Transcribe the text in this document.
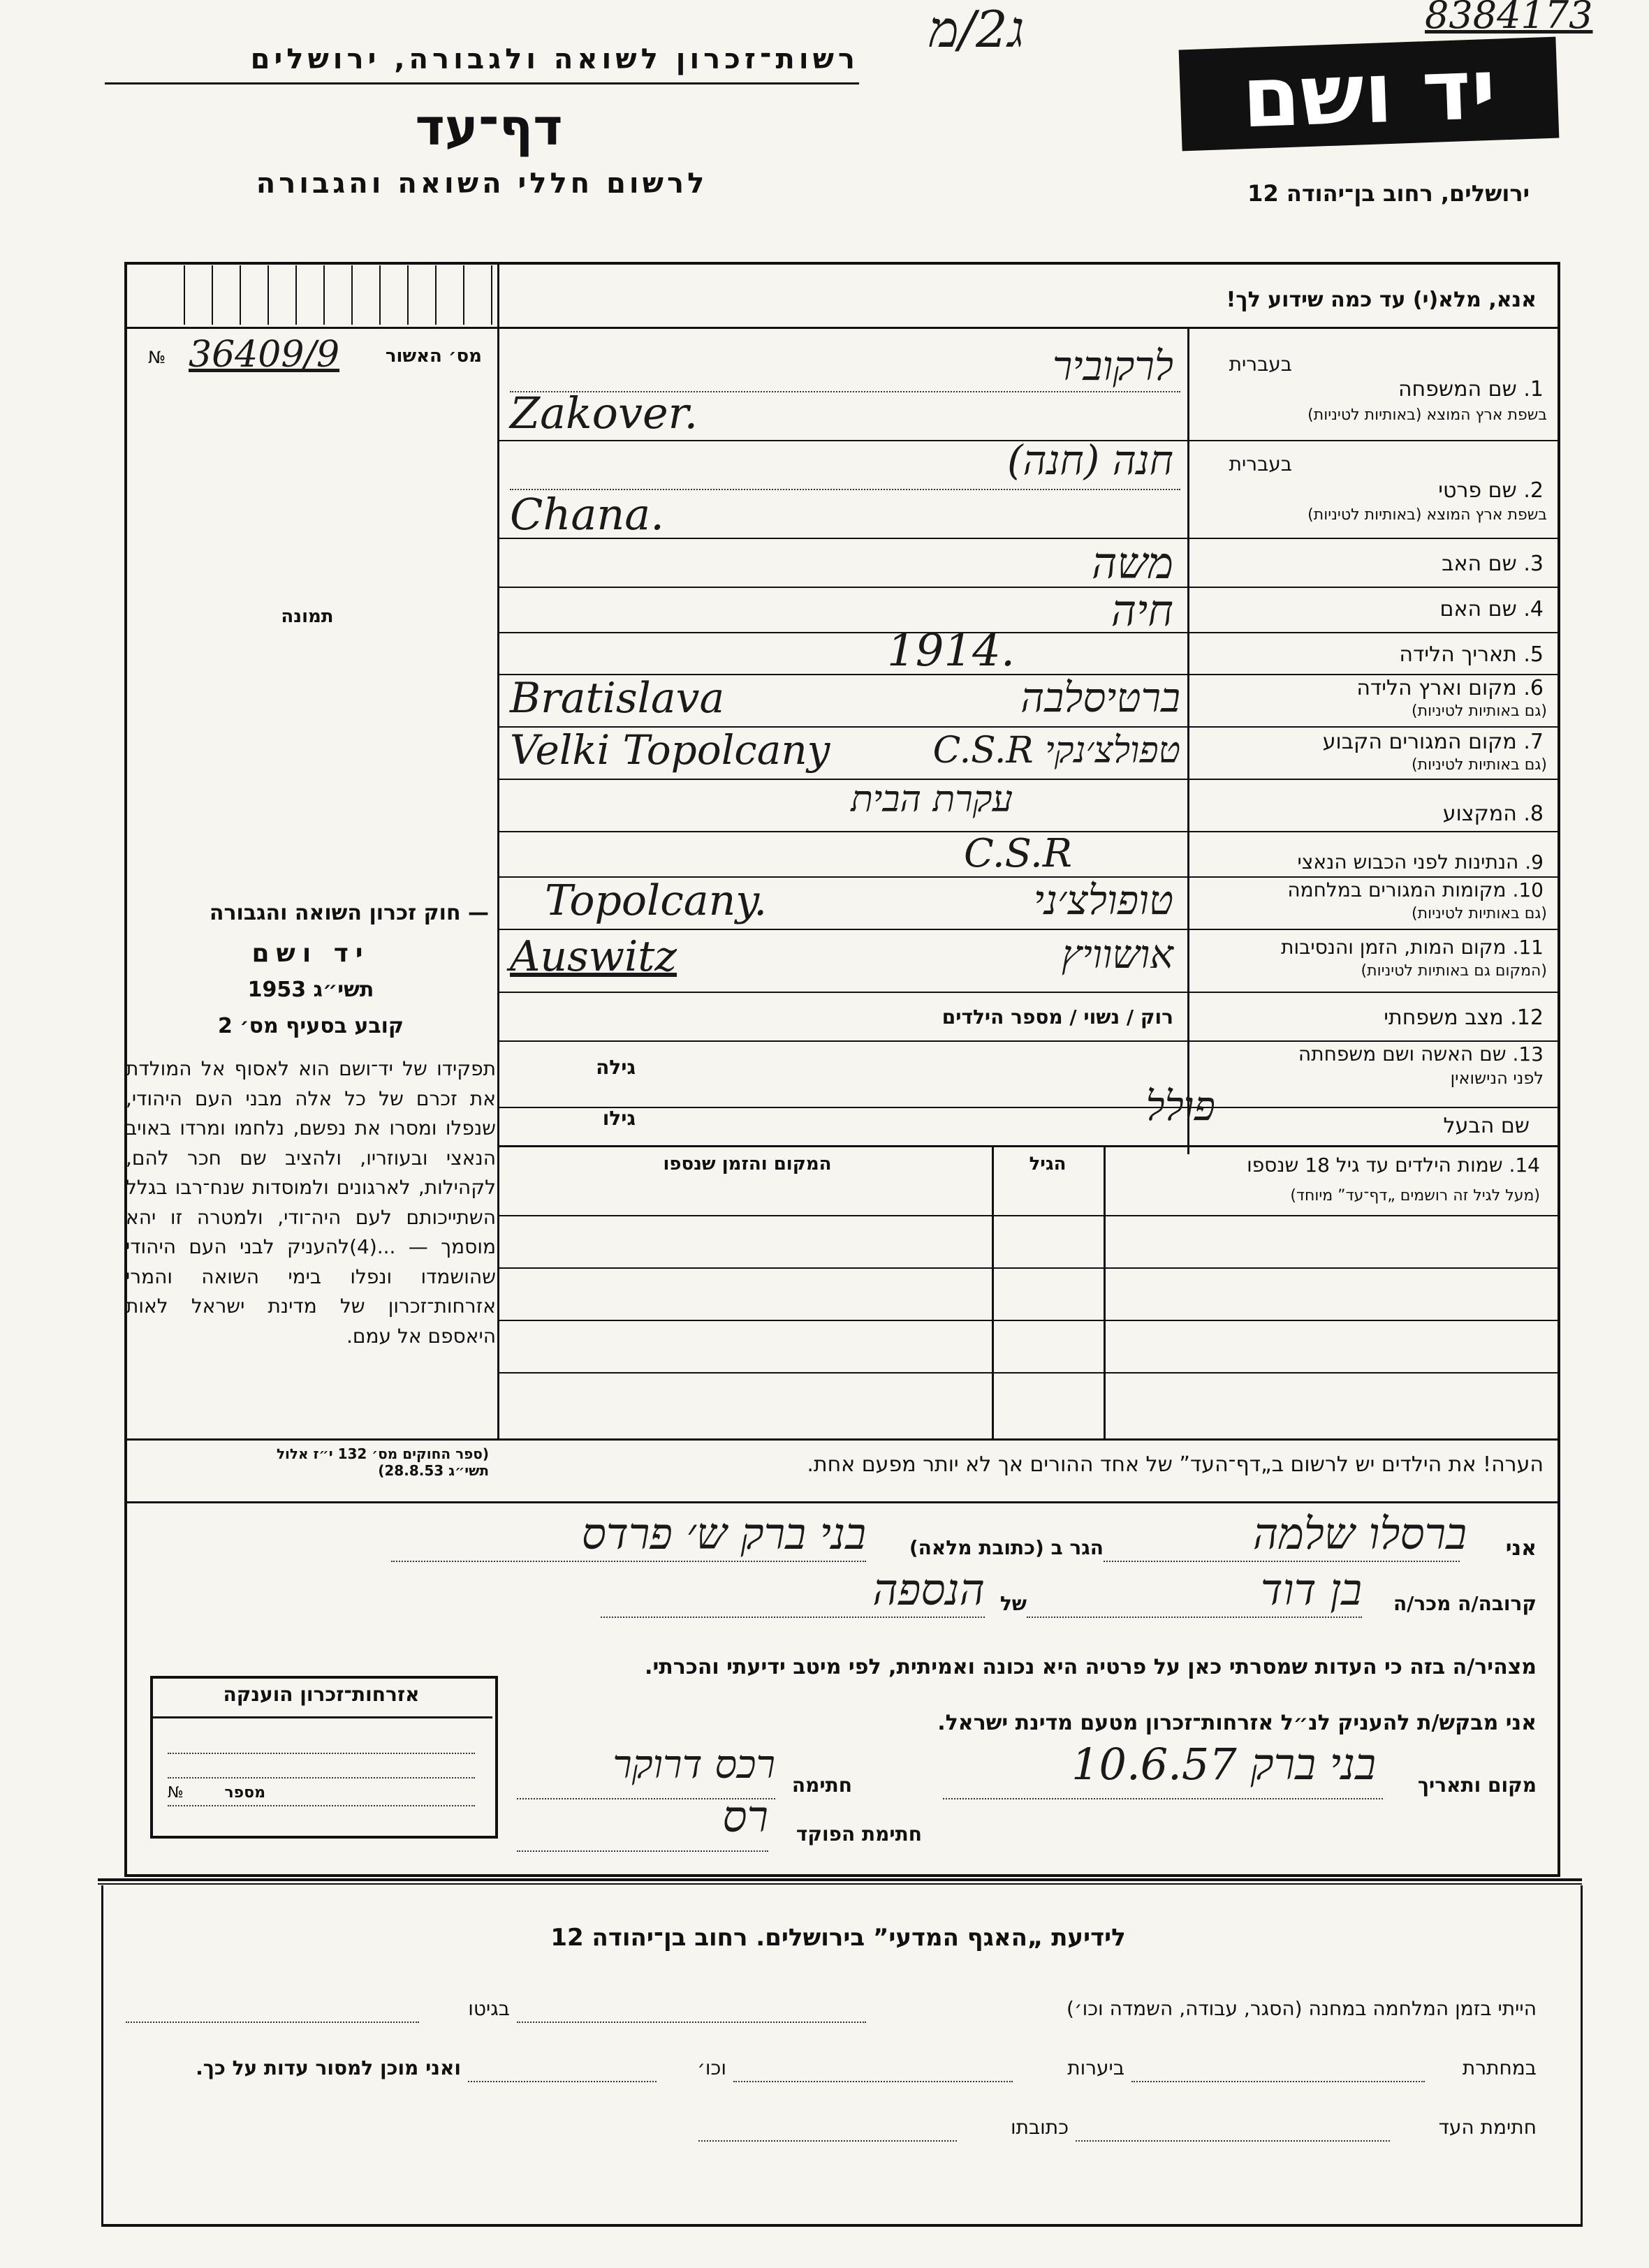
רשות־זכרון לשואה ולגבורה, ירושלים
דף־עד
לרשום חללי השואה והגבורה
ג2/מ	8384173
יד ושם
ירושלים, רחוב בן־יהודה 12
אנא, מלא(י) עד כמה שידוע לך!
מס׳ האשור
36409/9
№
תמונה
— חוק זכרון השואה והגבורה
יד ושם
תשי״ג 1953
קובע בסעיף מס׳ 2
תפקידו של יד־ושם הוא לאסוף אל המולדת את זכרם של כל אלה מבני העם היהודי, שנפלו ומסרו את נפשם, נלחמו ומרדו באויב הנאצי ובעוזריו, ולהציב שם חכר להם, לקהילות, לארגונים ולמוסדות שנח־רבו בגלל השתייכותם לעם היה־ודי, ולמטרה זו יהא מוסמך — ...(4)להעניק לבני העם היהודי שהושמדו ונפלו בימי השואה והמרי אזרחות־זכרון של מדינת ישראל לאות היאספם אל עמם.
(ספר החוקים מס׳ 132 י״ז אלול תשי״ג 28.8.53)
בעברית
1. שם המשפחה
בשפת ארץ המוצא (באותיות לטיניות)
לרקוביר
Zakover.
בעברית
2. שם פרטי
בשפת ארץ המוצא (באותיות לטיניות)
חנה (חנה)
Chana.
3. שם האב
משה
4. שם האם
חיה
5. תאריך הלידה
1914.
6. מקום וארץ הלידה
(גם באותיות לטיניות)
ברטיסלבה
Bratislava
7. מקום המגורים הקבוע
(גם באותיות לטיניות)
טפולצ׳נקי C.S.R
Velki Topolcany
8. המקצוע
עקרת הבית
9. הנתינות לפני הכבוש הנאצי
C.S.R
10. מקומות המגורים במלחמה
(גם באותיות לטיניות)
טופולצ׳ני
Topolcany.
11. מקום המות, הזמן והנסיבות
(המקום גם באותיות לטיניות)
אושוויץ
Auswitz
12. מצב משפחתי
רוק / נשוי / מספר הילדים
13. שם האשה ושם משפחתה
לפני הנישואין
גילה
שם הבעל
גילו	פולל
14. שמות הילדים עד גיל 18 שנספו
(מעל לגיל זה רושמים „דף־עד” מיוחד)
הגיל
המקום והזמן שנספו
הערה! את הילדים יש לרשום ב„דף־העד” של אחד ההורים אך לא יותר מפעם אחת.
אני
ברסלו שלמה
הגר ב (כתובת מלאה)
בני ברק ש׳ פרדס
קרובה/ה מכר/ה
בן דוד
של
הנספה
מצהיר/ה בזה כי העדות שמסרתי כאן על פרטיה היא נכונה ואמיתית, לפי מיטב ידיעתי והכרתי.
אני מבקש/ת להעניק לנ״ל אזרחות־זכרון מטעם מדינת ישראל.
מקום ותאריך
בני ברק 10.6.57
חתימה
רכס דרוקר
חתימת הפוקד
רס
אזרחות־זכרון הוענקה
מספר
№
לידיעת „האגף המדעי” בירושלים. רחוב בן־יהודה 12
הייתי בזמן המלחמה במחנה (הסגר, עבודה, השמדה וכו׳)
בגיטו
במחתרת
ביערות
וכו׳
ואני מוכן למסור עדות על כך.
חתימת העד
כתובתו
